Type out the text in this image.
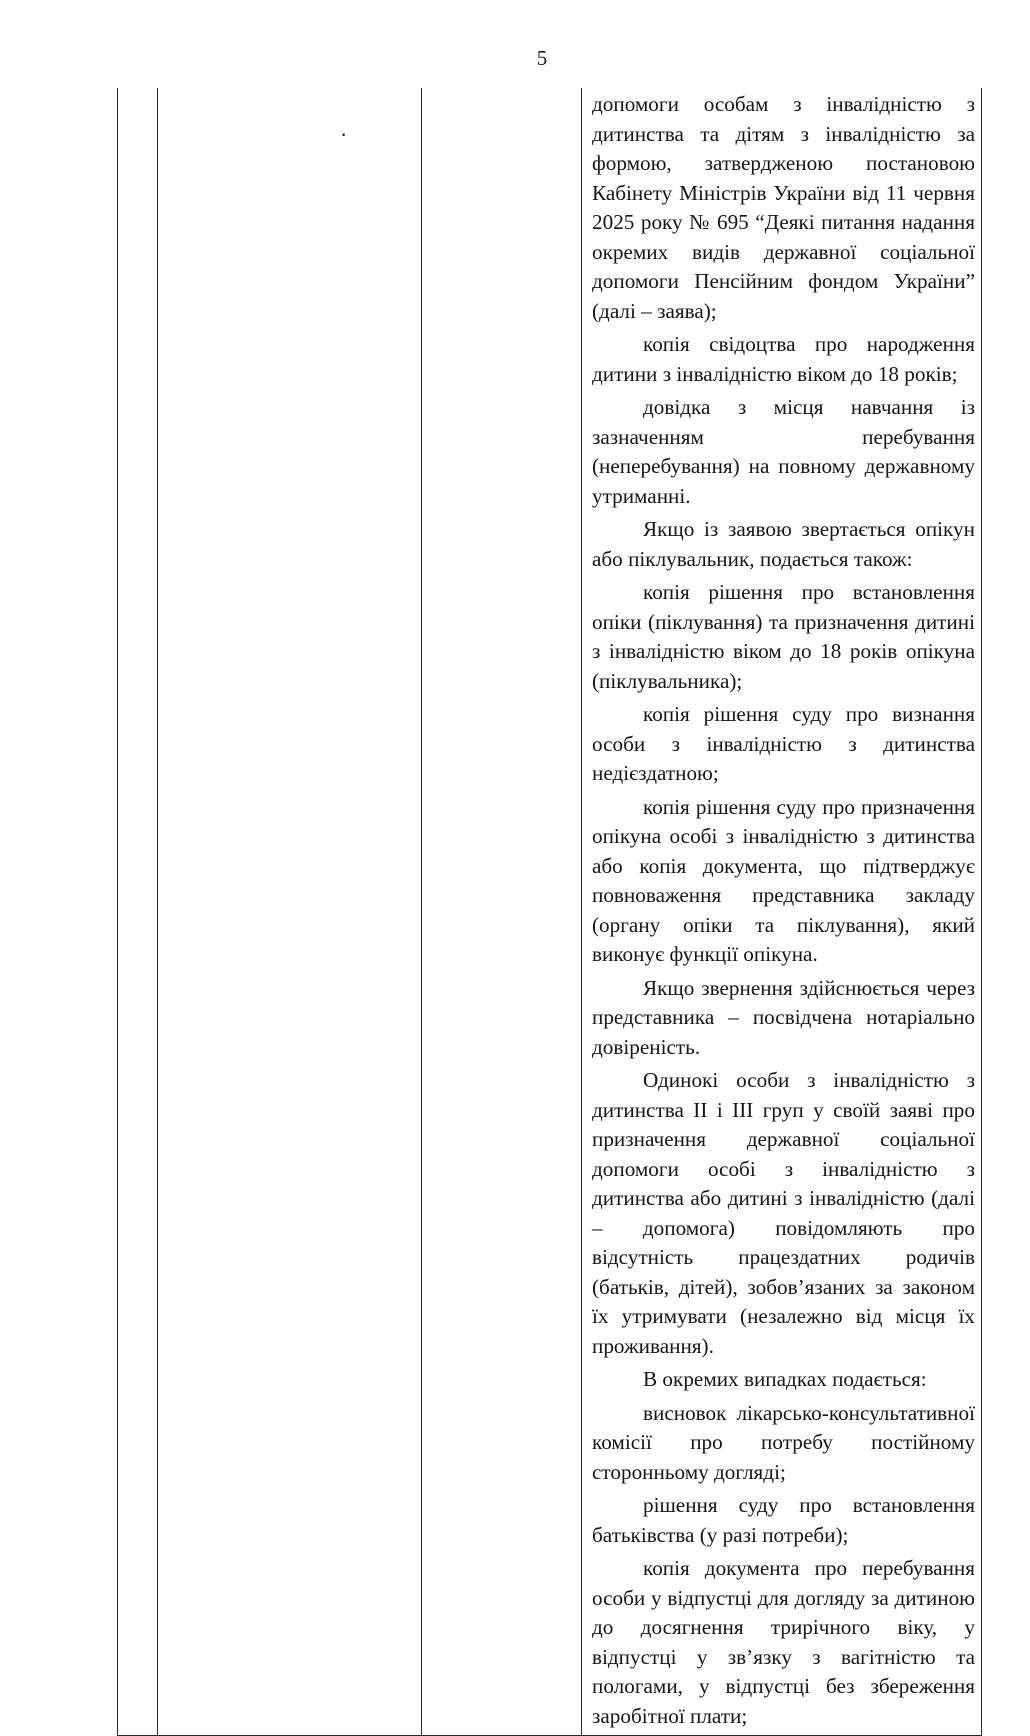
5
.

допомоги особам з інвалідністю з дитинства та дітям з інвалідністю за формою, затвердженою постановою Кабінету Міністрів України від 11 червня 2025 року № 695 “Деякі питання надання окремих видів державної соціальної допомоги Пенсійним фондом України” (далі – заява);

копія свідоцтва про народження дитини з інвалідністю віком до 18 років;

довідка з місця навчання із зазначенням перебування (неперебування) на повному державному утриманні.

Якщо із заявою звертається опікун або піклувальник, подається також:

копія рішення про встановлення опіки (піклування) та призначення дитині з інвалідністю віком до 18 років опікуна (піклувальника);

копія рішення суду про визнання особи з інвалідністю з дитинства недієздатною;

копія рішення суду про призначення опікуна особі з інвалідністю з дитинства або копія документа, що підтверджує повноваження представника закладу (органу опіки та піклування), який виконує функції опікуна.

Якщо звернення здійснюється через представника – посвідчена нотаріально довіреність.

Одинокі особи з інвалідністю з дитинства II і III груп у своїй заяві про призначення державної соціальної допомоги особі з інвалідністю з дитинства або дитині з інвалідністю (далі – допомога) повідомляють про відсутність працездатних родичів (батьків, дітей), зобов’язаних за законом їх утримувати (незалежно від місця їх проживання).

В окремих випадках подається:

висновок лікарсько-консультативної комісії про потребу постійному сторонньому догляді;

рішення суду про встановлення батьківства (у разі потреби);

копія документа про перебування особи у відпустці для догляду за дитиною до досягнення трирічного віку, у відпустці у зв’язку з вагітністю та пологами, у відпустці без збереження заробітної плати;
